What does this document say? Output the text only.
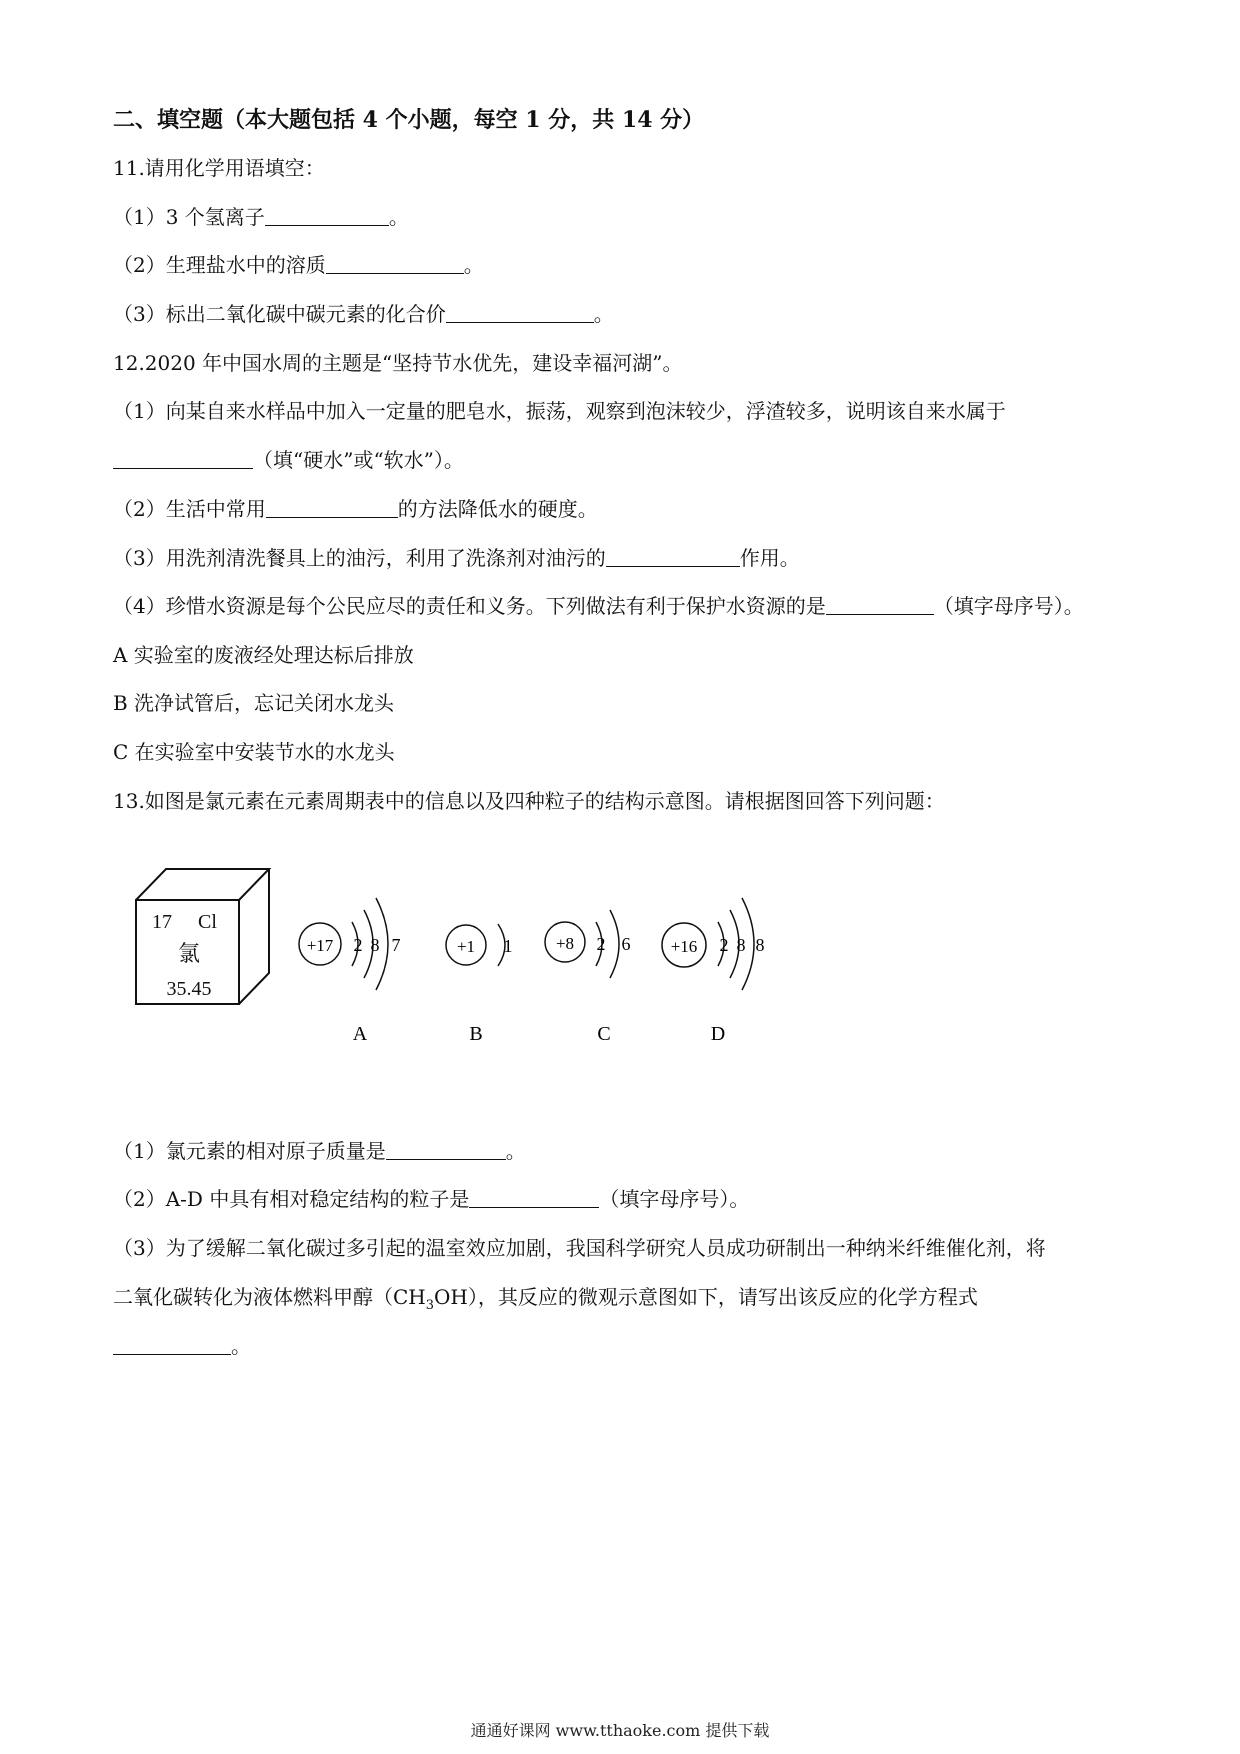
二、填空题（本大题包括 4 个小题，每空 1 分，共 14 分）
11.请用化学用语填空：
（1）3 个氢离子	。
（2）生理盐水中的溶质	。
（3）标出二氧化碳中碳元素的化合价	。
12.2020 年中国水周的主题是“坚持节水优先，建设幸福河湖”。
（1）向某自来水样品中加入一定量的肥皂水，振荡，观察到泡沫较少，浮渣较多，说明该自来水属于
（填“硬水”或“软水”）。
（2）生活中常用	的方法降低水的硬度。
（3）用洗剂清洗餐具上的油污，利用了洗涤剂对油污的	作用。
（4）珍惜水资源是每个公民应尽的责任和义务。下列做法有利于保护水资源的是	（填字母序号）。
A 实验室的废液经处理达标后排放
B 洗净试管后，忘记关闭水龙头
C 在实验室中安装节水的水龙头
13.如图是氯元素在元素周期表中的信息以及四种粒子的结构示意图。请根据图回答下列问题：
17 Cl
氯
35.45
+17 2 8 7
A
+1 1
B
+8 2 6
C
+16 2 8 8
D
（1）氯元素的相对原子质量是	。
（2）A-D 中具有相对稳定结构的粒子是	（填字母序号）。
（3）为了缓解二氧化碳过多引起的温室效应加剧，我国科学研究人员成功研制出一种纳米纤维催化剂，将
二氧化碳转化为液体燃料甲醇$(CH_3OH)$，其反应的微观示意图如下，请写出该反应的化学方程式
。
通通好课网 www.tthaoke.com 提供下载
